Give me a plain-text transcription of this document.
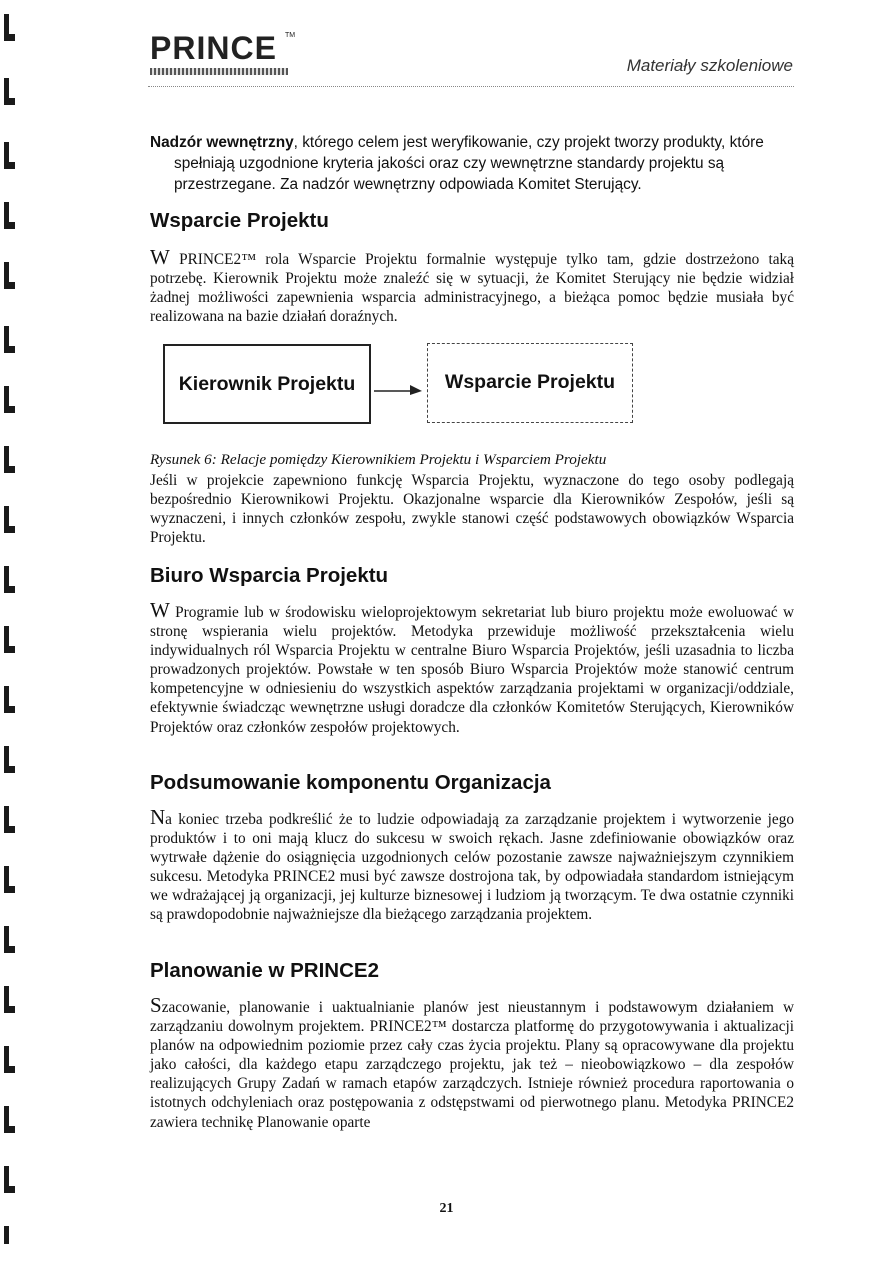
PRINCE TM
Materiały szkoleniowe
Nadzór wewnętrzny, którego celem jest weryfikowanie, czy projekt tworzy produkty, które spełniają uzgodnione kryteria jakości oraz czy wewnętrzne standardy projektu są przestrzegane. Za nadzór wewnętrzny odpowiada Komitet Sterujący.
Wsparcie Projektu
W PRINCE2™ rola Wsparcie Projektu formalnie występuje tylko tam, gdzie dostrzeżono taką potrzebę. Kierownik Projektu może znaleźć się w sytuacji, że Komitet Sterujący nie będzie widział żadnej możliwości zapewnienia wsparcia administracyjnego, a bieżąca pomoc będzie musiała być realizowana na bazie działań doraźnych.
Kierownik Projektu	Wsparcie Projektu
Rysunek 6: Relacje pomiędzy Kierownikiem Projektu i Wsparciem Projektu
Jeśli w projekcie zapewniono funkcję Wsparcia Projektu, wyznaczone do tego osoby podlegają bezpośrednio Kierownikowi Projektu. Okazjonalne wsparcie dla Kierowników Zespołów, jeśli są wyznaczeni, i innych członków zespołu, zwykle stanowi część podstawowych obowiązków Wsparcia Projektu.
Biuro Wsparcia Projektu
W Programie lub w środowisku wieloprojektowym sekretariat lub biuro projektu może ewoluować w stronę wspierania wielu projektów. Metodyka przewiduje możliwość przekształcenia wielu indywidualnych ról Wsparcia Projektu w centralne Biuro Wsparcia Projektów, jeśli uzasadnia to liczba prowadzonych projektów. Powstałe w ten sposób Biuro Wsparcia Projektów może stanowić centrum kompetencyjne w odniesieniu do wszystkich aspektów zarządzania projektami w organizacji/oddziale, efektywnie świadcząc wewnętrzne usługi doradcze dla członków Komitetów Sterujących, Kierowników Projektów oraz członków zespołów projektowych.
Podsumowanie komponentu Organizacja
Na koniec trzeba podkreślić że to ludzie odpowiadają za zarządzanie projektem i wytworzenie jego produktów i to oni mają klucz do sukcesu w swoich rękach. Jasne zdefiniowanie obowiązków oraz wytrwałe dążenie do osiągnięcia uzgodnionych celów pozostanie zawsze najważniejszym czynnikiem sukcesu. Metodyka PRINCE2 musi być zawsze dostrojona tak, by odpowiadała standardom istniejącym we wdrażającej ją organizacji, jej kulturze biznesowej i ludziom ją tworzącym. Te dwa ostatnie czynniki są prawdopodobnie najważniejsze dla bieżącego zarządzania projektem.
Planowanie w PRINCE2
Szacowanie, planowanie i uaktualnianie planów jest nieustannym i podstawowym działaniem w zarządzaniu dowolnym projektem. PRINCE2™ dostarcza platformę do przygotowywania i aktualizacji planów na odpowiednim poziomie przez cały czas życia projektu. Plany są opracowywane dla projektu jako całości, dla każdego etapu zarządczego projektu, jak też – nieobowiązkowo – dla zespołów realizujących Grupy Zadań w ramach etapów zarządczych. Istnieje również procedura raportowania o istotnych odchyleniach oraz postępowania z odstępstwami od pierwotnego planu. Metodyka PRINCE2 zawiera technikę Planowanie oparte
21
